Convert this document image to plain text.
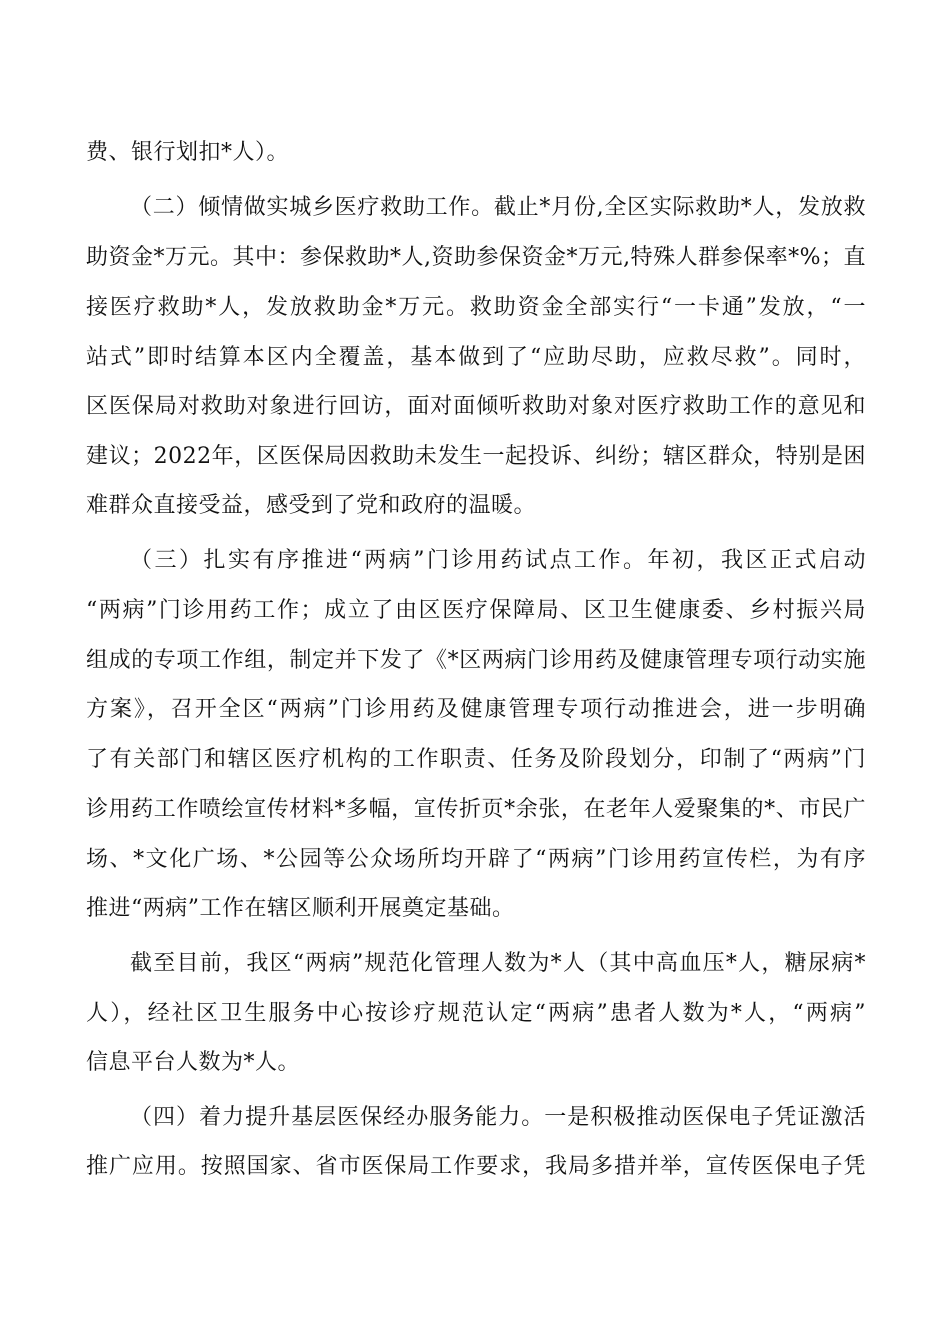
费、银行划扣*人）。
（二）倾情做实城乡医疗救助工作。截止*月份,全区实际救助*人，发放救
助资金*万元。其中：参保救助*人,资助参保资金*万元,特殊人群参保率*%；直
接医疗救助*人，发放救助金*万元。救助资金全部实行“一卡通”发放，“一
站式”即时结算本区内全覆盖，基本做到了“应助尽助，应救尽救”。同时，
区医保局对救助对象进行回访，面对面倾听救助对象对医疗救助工作的意见和
建议；2022年，区医保局因救助未发生一起投诉、纠纷；辖区群众，特别是困
难群众直接受益，感受到了党和政府的温暖。
（三）扎实有序推进“两病”门诊用药试点工作。年初，我区正式启动
“两病”门诊用药工作；成立了由区医疗保障局、区卫生健康委、乡村振兴局
组成的专项工作组，制定并下发了《*区两病门诊用药及健康管理专项行动实施
方案》，召开全区“两病”门诊用药及健康管理专项行动推进会，进一步明确
了有关部门和辖区医疗机构的工作职责、任务及阶段划分，印制了“两病”门
诊用药工作喷绘宣传材料*多幅，宣传折页*余张，在老年人爱聚集的*、市民广
场、*文化广场、*公园等公众场所均开辟了“两病”门诊用药宣传栏，为有序
推进“两病”工作在辖区顺利开展奠定基础。
截至目前，我区“两病”规范化管理人数为*人（其中高血压*人，糖尿病*
人），经社区卫生服务中心按诊疗规范认定“两病”患者人数为*人，“两病”
信息平台人数为*人。
（四）着力提升基层医保经办服务能力。一是积极推动医保电子凭证激活
推广应用。按照国家、省市医保局工作要求，我局多措并举，宣传医保电子凭
